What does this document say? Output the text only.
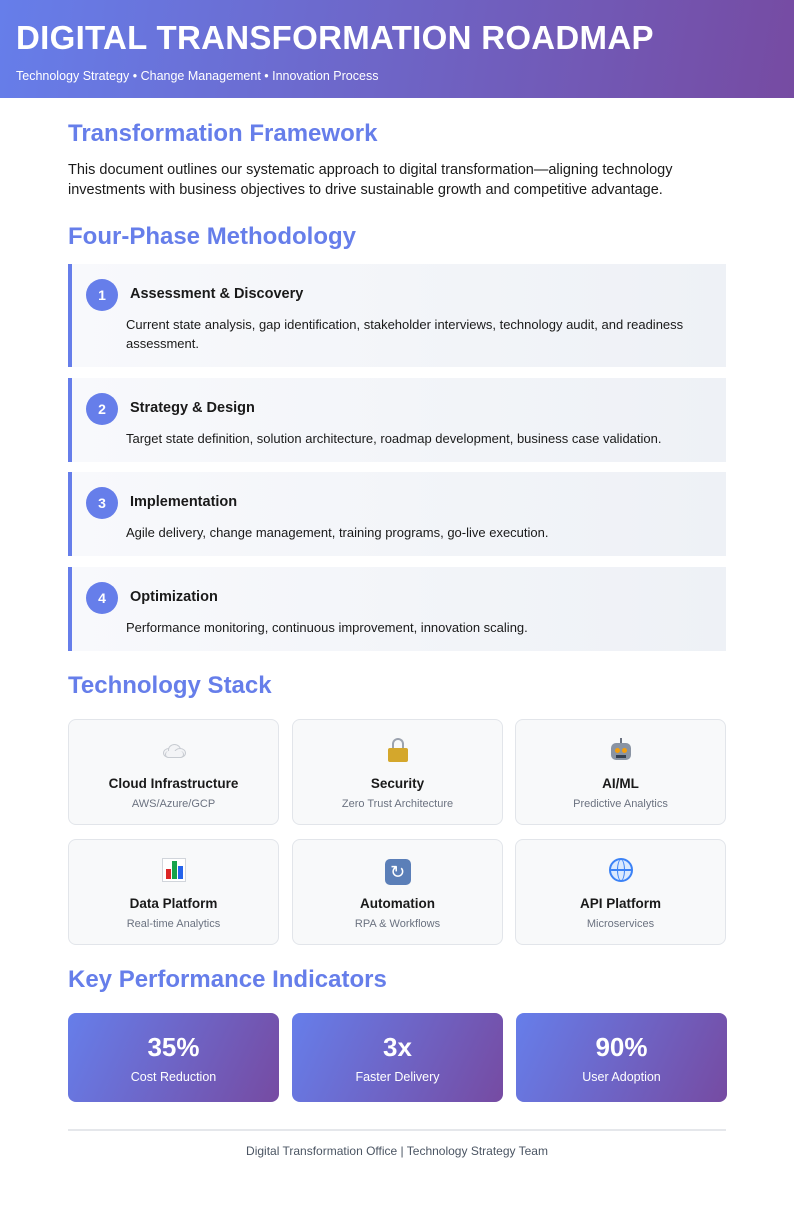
DIGITAL TRANSFORMATION ROADMAP
Technology Strategy • Change Management • Innovation Process
Transformation Framework

This document outlines our systematic approach to digital transformation—aligning technology investments with business objectives to drive sustainable growth and competitive advantage.

Four-Phase Methodology
1	Assessment & Discovery
Current state analysis, gap identification, stakeholder interviews, technology audit, and readiness assessment.
2	Strategy & Design
Target state definition, solution architecture, roadmap development, business case validation.
3	Implementation
Agile delivery, change management, training programs, go-live execution.
4	Optimization
Performance monitoring, continuous improvement, innovation scaling.
Technology Stack
Cloud Infrastructure
AWS/Azure/GCP
Security
Zero Trust Architecture
AI/ML
Predictive Analytics
Data Platform
Real-time Analytics
↻
Automation
RPA & Workflows
API Platform
Microservices
Key Performance Indicators
35%
Cost Reduction
3x
Faster Delivery
90%
User Adoption
Digital Transformation Office | Technology Strategy Team
